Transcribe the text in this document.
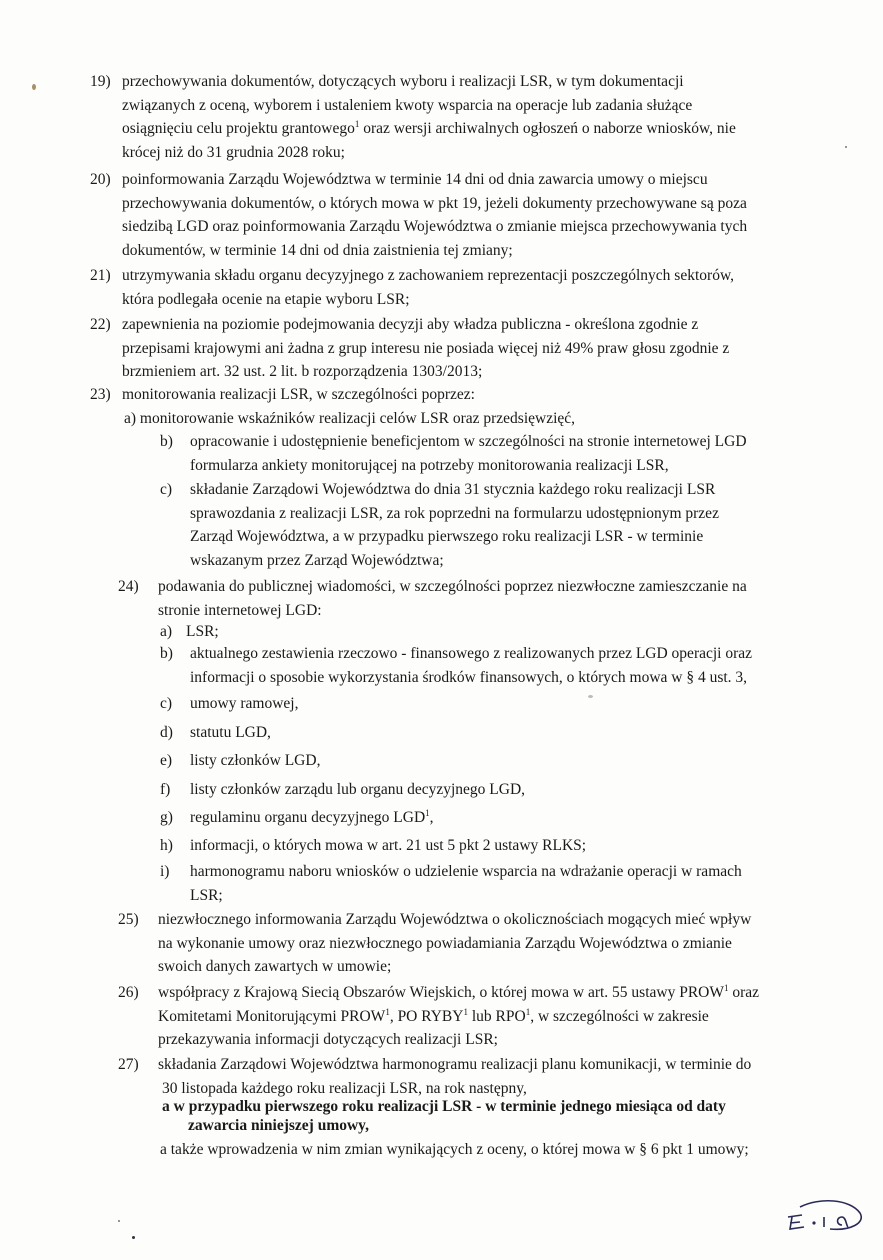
19) przechowywania dokumentów, dotyczących wyboru i realizacji LSR, w tym dokumentacji
związanych z oceną, wyborem i ustaleniem kwoty wsparcia na operacje lub zadania służące
osiągnięciu celu projektu grantowego$^1$ oraz wersji archiwalnych ogłoszeń o naborze wniosków, nie
krócej niż do 31 grudnia 2028 roku;
20) poinformowania Zarządu Województwa w terminie 14 dni od dnia zawarcia umowy o miejscu
przechowywania dokumentów, o których mowa w pkt 19, jeżeli dokumenty przechowywane są poza
siedzibą LGD oraz poinformowania Zarządu Województwa o zmianie miejsca przechowywania tych
dokumentów, w terminie 14 dni od dnia zaistnienia tej zmiany;
21) utrzymywania składu organu decyzyjnego z zachowaniem reprezentacji poszczególnych sektorów,
która podlegała ocenie na etapie wyboru LSR;
22) zapewnienia na poziomie podejmowania decyzji aby władza publiczna - określona zgodnie z
przepisami krajowymi ani żadna z grup interesu nie posiada więcej niż 49% praw głosu zgodnie z
brzmieniem art. 32 ust. 2 lit. b rozporządzenia 1303/2013;
23) monitorowania realizacji LSR, w szczególności poprzez:
a) monitorowanie wskaźników realizacji celów LSR oraz przedsięwzięć,
b) opracowanie i udostępnienie beneficjentom w szczególności na stronie internetowej LGD
formularza ankiety monitorującej na potrzeby monitorowania realizacji LSR,
c) składanie Zarządowi Województwa do dnia 31 stycznia każdego roku realizacji LSR
sprawozdania z realizacji LSR, za rok poprzedni na formularzu udostępnionym przez
Zarząd Województwa, a w przypadku pierwszego roku realizacji LSR - w terminie
wskazanym przez Zarząd Województwa;
24) podawania do publicznej wiadomości, w szczególności poprzez niezwłoczne zamieszczanie na
stronie internetowej LGD:
a) LSR;
b) aktualnego zestawienia rzeczowo - finansowego z realizowanych przez LGD operacji oraz
informacji o sposobie wykorzystania środków finansowych, o których mowa w § 4 ust. 3,
c) umowy ramowej,
d) statutu LGD,
e) listy członków LGD,
f) listy członków zarządu lub organu decyzyjnego LGD,
g) regulaminu organu decyzyjnego LGD$^1$,
h) informacji, o których mowa w art. 21 ust 5 pkt 2 ustawy RLKS;
i) harmonogramu naboru wniosków o udzielenie wsparcia na wdrażanie operacji w ramach
LSR;
25) niezwłocznego informowania Zarządu Województwa o okolicznościach mogących mieć wpływ
na wykonanie umowy oraz niezwłocznego powiadamiania Zarządu Województwa o zmianie
swoich danych zawartych w umowie;
26) współpracy z Krajową Siecią Obszarów Wiejskich, o której mowa w art. 55 ustawy PROW$^1$ oraz
Komitetami Monitorującymi PROW$^1$, PO RYBY$^1$ lub RPO$^1$, w szczególności w zakresie
przekazywania informacji dotyczących realizacji LSR;
27) składania Zarządowi Województwa harmonogramu realizacji planu komunikacji, w terminie do
30 listopada każdego roku realizacji LSR, na rok następny,
a w przypadku pierwszego roku realizacji LSR - w terminie jednego miesiąca od daty
zawarcia niniejszej umowy,
a także wprowadzenia w nim zmian wynikających z oceny, o której mowa w § 6 pkt 1 umowy;
